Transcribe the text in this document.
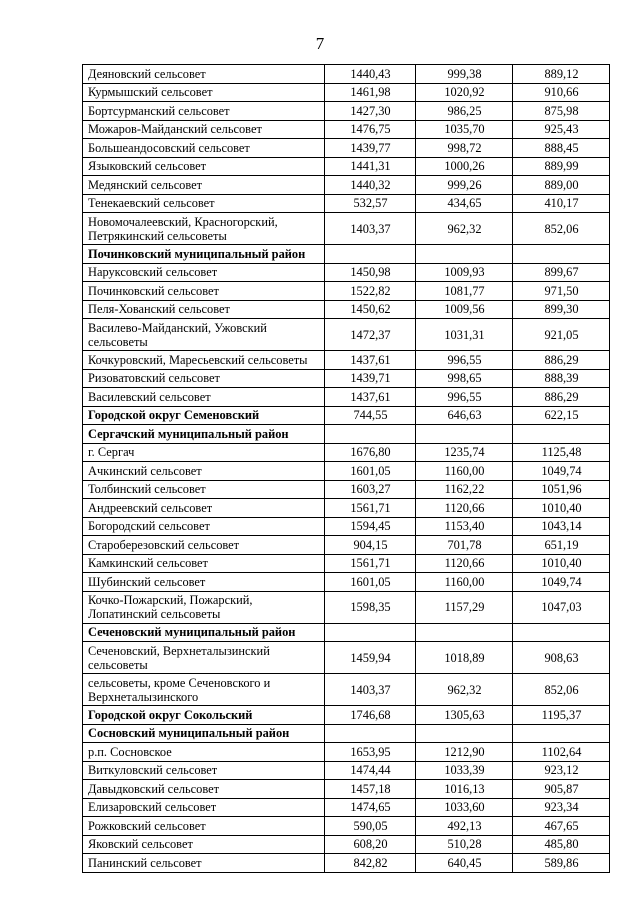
7
Деяновский сельсовет	1440,43	999,38	889,12
Курмышский сельсовет	1461,98	1020,92	910,66
Бортсурманский сельсовет	1427,30	986,25	875,98
Можаров-Майданский сельсовет	1476,75	1035,70	925,43
Большеандосовский сельсовет	1439,77	998,72	888,45
Языковский сельсовет	1441,31	1000,26	889,99
Медянский сельсовет	1440,32	999,26	889,00
Тенекаевский сельсовет	532,57	434,65	410,17
Новомочалеевский, Красногорский, Петрякинский сельсоветы	1403,37	962,32	852,06
Починковский муниципальный район			
Наруксовский сельсовет	1450,98	1009,93	899,67
Починковский сельсовет	1522,82	1081,77	971,50
Пеля-Хованский сельсовет	1450,62	1009,56	899,30
Василево-Майданский, Ужовский сельсоветы	1472,37	1031,31	921,05
Кочкуровский, Маресьевский сельсоветы	1437,61	996,55	886,29
Ризоватовский сельсовет	1439,71	998,65	888,39
Василевский сельсовет	1437,61	996,55	886,29
Городской округ Семеновский	744,55	646,63	622,15
Сергачский муниципальный район			
г. Сергач	1676,80	1235,74	1125,48
Ачкинский сельсовет	1601,05	1160,00	1049,74
Толбинский сельсовет	1603,27	1162,22	1051,96
Андреевский сельсовет	1561,71	1120,66	1010,40
Богородский сельсовет	1594,45	1153,40	1043,14
Староберезовский сельсовет	904,15	701,78	651,19
Камкинский сельсовет	1561,71	1120,66	1010,40
Шубинский сельсовет	1601,05	1160,00	1049,74
Кочко-Пожарский, Пожарский, Лопатинский сельсоветы	1598,35	1157,29	1047,03
Сеченовский муниципальный район			
Сеченовский, Верхнеталызинский сельсоветы	1459,94	1018,89	908,63
сельсоветы, кроме Сеченовского и Верхнеталызинского	1403,37	962,32	852,06
Городской округ Сокольский	1746,68	1305,63	1195,37
Сосновский муниципальный район			
р.п. Сосновское	1653,95	1212,90	1102,64
Виткуловский сельсовет	1474,44	1033,39	923,12
Давыдковский сельсовет	1457,18	1016,13	905,87
Елизаровский сельсовет	1474,65	1033,60	923,34
Рожковский сельсовет	590,05	492,13	467,65
Яковский сельсовет	608,20	510,28	485,80
Панинский сельсовет	842,82	640,45	589,86
